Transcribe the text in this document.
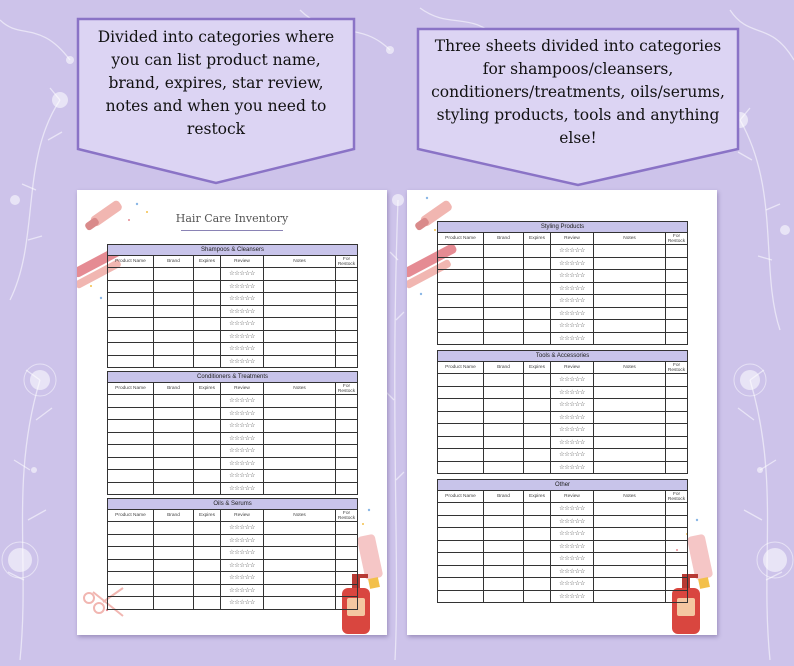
Divided into categories where you can list product name, brand, expires, star review, notes and when you need to restock
Three sheets divided into categories for shampoos/cleansers, conditioners/treatments, oils/serums, styling products, tools and anything else!
Hair Care Inventory
Shampoos & Cleansers					
Product Name	Brand	Expires	Review	Notes	For Restock
			☆☆☆☆☆		
			☆☆☆☆☆		
			☆☆☆☆☆		
			☆☆☆☆☆		
			☆☆☆☆☆		
			☆☆☆☆☆		
			☆☆☆☆☆		
			☆☆☆☆☆		
Conditioners & Treatments					
Product Name	Brand	Expires	Review	Notes	For Restock
			☆☆☆☆☆		
			☆☆☆☆☆		
			☆☆☆☆☆		
			☆☆☆☆☆		
			☆☆☆☆☆		
			☆☆☆☆☆		
			☆☆☆☆☆		
			☆☆☆☆☆		
Oils & Serums					
Product Name	Brand	Expires	Review	Notes	For Restock
			☆☆☆☆☆		
			☆☆☆☆☆		
			☆☆☆☆☆		
			☆☆☆☆☆		
			☆☆☆☆☆		
			☆☆☆☆☆		
			☆☆☆☆☆		
Styling Products					
Product Name	Brand	Expires	Review	Notes	For Restock
			☆☆☆☆☆		
			☆☆☆☆☆		
			☆☆☆☆☆		
			☆☆☆☆☆		
			☆☆☆☆☆		
			☆☆☆☆☆		
			☆☆☆☆☆		
			☆☆☆☆☆		
Tools & Accessories					
Product Name	Brand	Expires	Review	Notes	For Restock
			☆☆☆☆☆		
			☆☆☆☆☆		
			☆☆☆☆☆		
			☆☆☆☆☆		
			☆☆☆☆☆		
			☆☆☆☆☆		
			☆☆☆☆☆		
			☆☆☆☆☆		
Other					
Product Name	Brand	Expires	Review	Notes	For Restock
			☆☆☆☆☆		
			☆☆☆☆☆		
			☆☆☆☆☆		
			☆☆☆☆☆		
			☆☆☆☆☆		
			☆☆☆☆☆		
			☆☆☆☆☆		
			☆☆☆☆☆		
